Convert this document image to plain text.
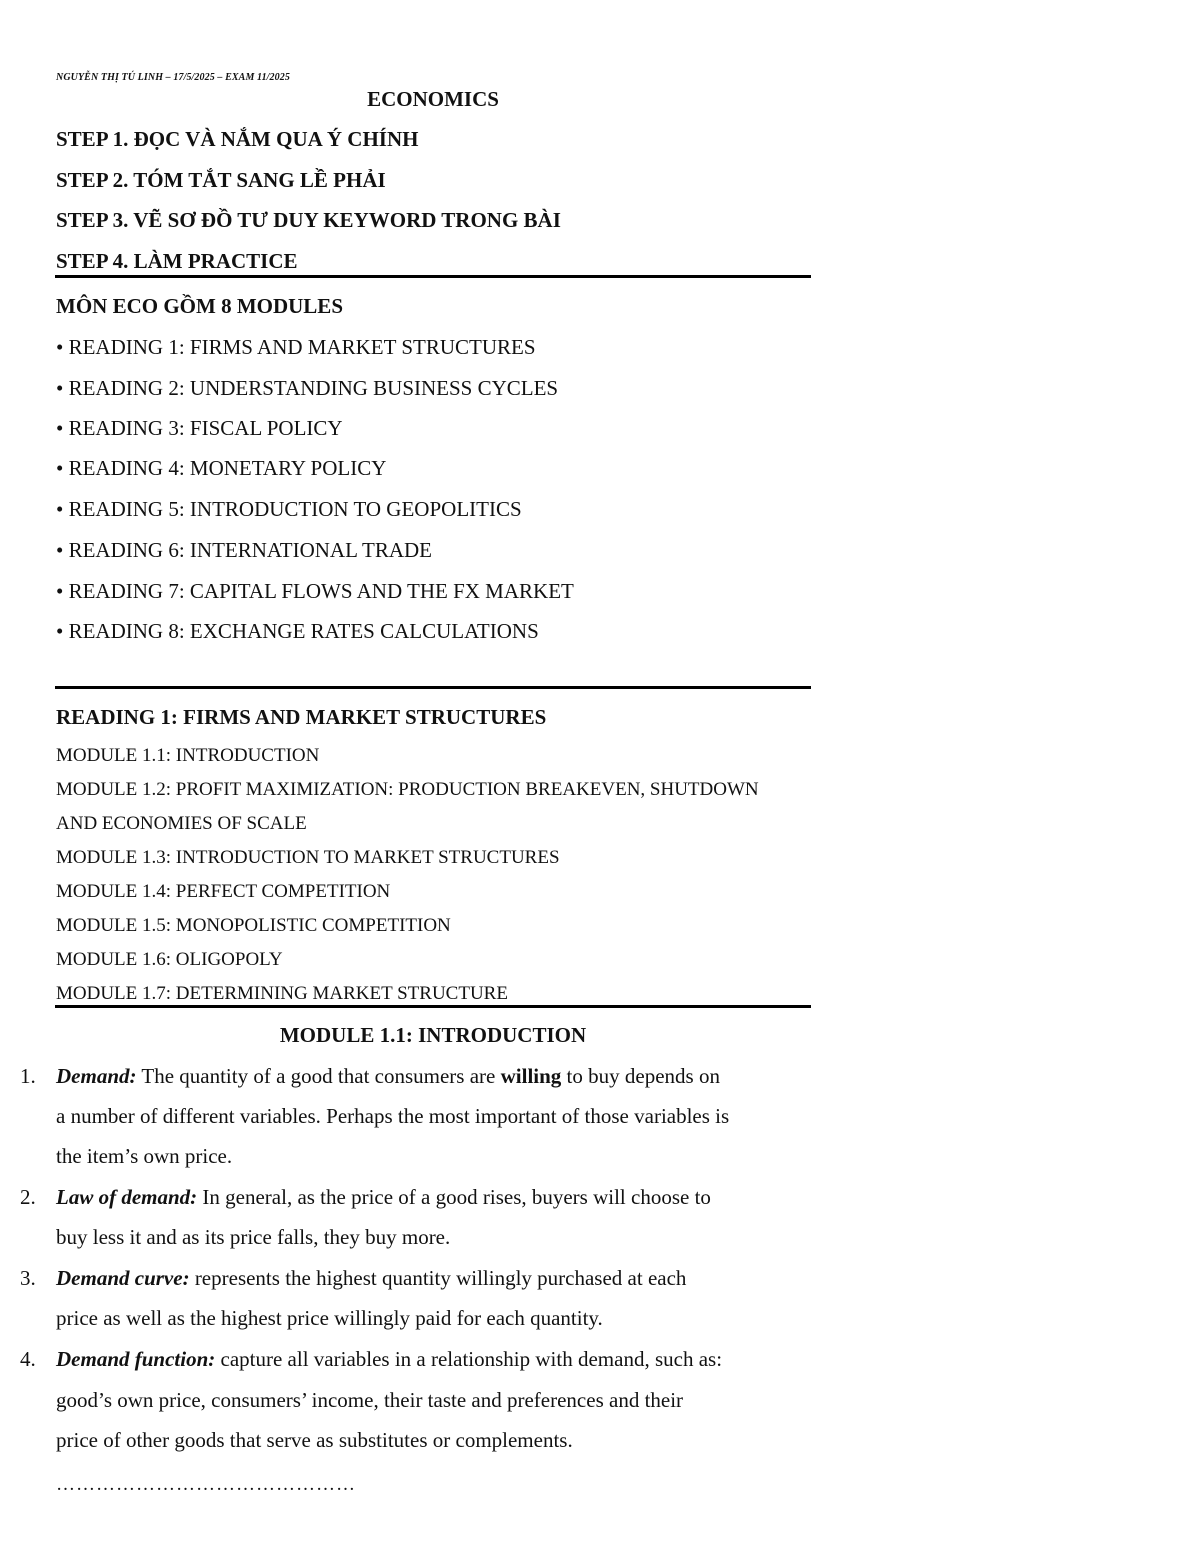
NGUYỄN THỊ TÚ LINH – 17/5/2025 – EXAM 11/2025
ECONOMICS
STEP 1. ĐỌC VÀ NẮM QUA Ý CHÍNH
STEP 2. TÓM TẮT SANG LỀ PHẢI
STEP 3. VẼ SƠ ĐỒ TƯ DUY KEYWORD TRONG BÀI
STEP 4. LÀM PRACTICE
MÔN ECO GỒM 8 MODULES
• READING 1: FIRMS AND MARKET STRUCTURES
• READING 2: UNDERSTANDING BUSINESS CYCLES
• READING 3: FISCAL POLICY
• READING 4: MONETARY POLICY
• READING 5: INTRODUCTION TO GEOPOLITICS
• READING 6: INTERNATIONAL TRADE
• READING 7: CAPITAL FLOWS AND THE FX MARKET
• READING 8: EXCHANGE RATES CALCULATIONS
READING 1: FIRMS AND MARKET STRUCTURES
MODULE 1.1: INTRODUCTION
MODULE 1.2: PROFIT MAXIMIZATION: PRODUCTION BREAKEVEN, SHUTDOWN
AND ECONOMIES OF SCALE
MODULE 1.3: INTRODUCTION TO MARKET STRUCTURES
MODULE 1.4: PERFECT COMPETITION
MODULE 1.5: MONOPOLISTIC COMPETITION
MODULE 1.6: OLIGOPOLY
MODULE 1.7: DETERMINING MARKET STRUCTURE
MODULE 1.1: INTRODUCTION
1. Demand: The quantity of a good that consumers are willing to buy depends on
a number of different variables. Perhaps the most important of those variables is
the item’s own price.
2. Law of demand: In general, as the price of a good rises, buyers will choose to
buy less it and as its price falls, they buy more.
3. Demand curve: represents the highest quantity willingly purchased at each
price as well as the highest price willingly paid for each quantity.
4. Demand function: capture all variables in a relationship with demand, such as:
good’s own price, consumers’ income, their taste and preferences and their
price of other goods that serve as substitutes or complements.
………………………………………
